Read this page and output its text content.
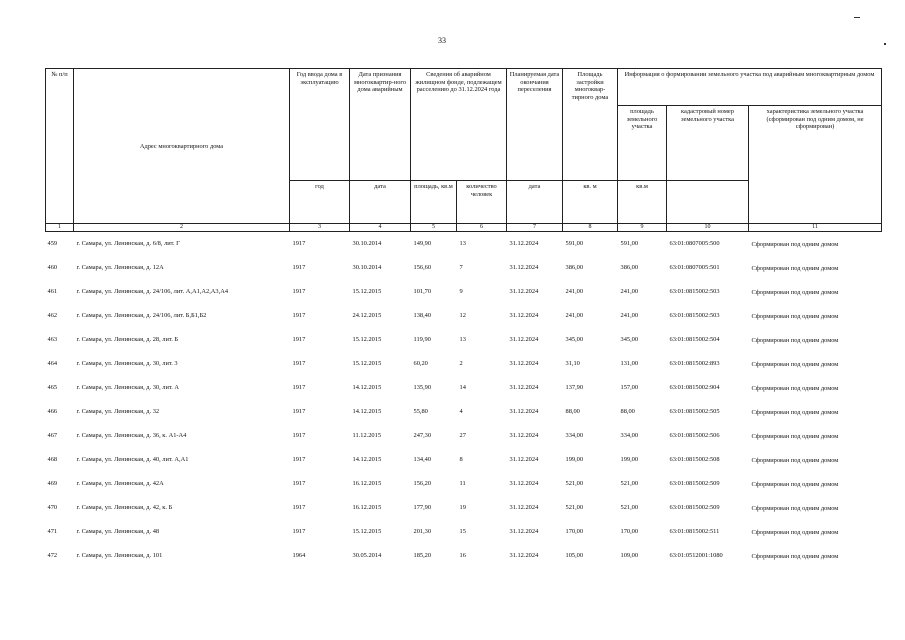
33
№ п/п	Адрес многоквартирного дома	Год ввода дома в эксплуатацию	Дата признания многоквартир-ного дома аварийным	Сведения об аварийном жилищном фонде, подлежащем расселению до 31.12.2024 года		Планируемая дата окончания переселения	Площадь застройки многоквар-тирного дома	Информация о формировании земельного участка под аварийным многоквартирным домом		
								площадь земельного участка	кадастровый номер земельного участка	характеристика земельного участка (сформирован под одним домом, не сформирован)
		год	дата	площадь, кв.м	количество человек	дата	кв. м	кв.м		
1	2	3	4	5	6	7	8	9	10	11
459	г. Самара, ул. Ленинская, д. 6/8, лит. Г	1917	30.10.2014	149,90	13	31.12.2024	591,00	591,00	63:01:0807005:500	Сформирован под одним домом
460	г. Самара, ул. Ленинская, д. 12А	1917	30.10.2014	156,60	7	31.12.2024	386,00	386,00	63:01:0807005:501	Сформирован под одним домом
461	г. Самара, ул. Ленинская, д. 24/106, лит. А,А1,А2,А3,А4	1917	15.12.2015	101,70	9	31.12.2024	241,00	241,00	63:01:0815002:503	Сформирован под одним домом
462	г. Самара, ул. Ленинская, д. 24/106, лит. Б,Б1,Б2	1917	24.12.2015	138,40	12	31.12.2024	241,00	241,00	63:01:0815002:503	Сформирован под одним домом
463	г. Самара, ул. Ленинская, д. 28, лит. Б	1917	15.12.2015	119,90	13	31.12.2024	345,00	345,00	63:01:0815002:504	Сформирован под одним домом
464	г. Самара, ул. Ленинская, д. 30, лит. 3	1917	15.12.2015	60,20	2	31.12.2024	31,10	131,00	63:01:0815002:893	Сформирован под одним домом
465	г. Самара, ул. Ленинская, д. 30, лит. А	1917	14.12.2015	135,90	14	31.12.2024	137,90	157,00	63:01:0815002:904	Сформирован под одним домом
466	г. Самара, ул. Ленинская, д. 32	1917	14.12.2015	55,80	4	31.12.2024	88,00	88,00	63:01:0815002:505	Сформирован под одним домом
467	г. Самара, ул. Ленинская, д. 36, к. А1-А4	1917	11.12.2015	247,30	27	31.12.2024	334,00	334,00	63:01:0815002:506	Сформирован под одним домом
468	г. Самара, ул. Ленинская, д. 40, лит. А,А1	1917	14.12.2015	134,40	8	31.12.2024	199,00	199,00	63:01:0815002:508	Сформирован под одним домом
469	г. Самара, ул. Ленинская, д. 42А	1917	16.12.2015	156,20	11	31.12.2024	521,00	521,00	63:01:0815002:509	Сформирован под одним домом
470	г. Самара, ул. Ленинская, д. 42, к. Б	1917	16.12.2015	177,90	19	31.12.2024	521,00	521,00	63:01:0815002:509	Сформирован под одним домом
471	г. Самара, ул. Ленинская, д. 48	1917	15.12.2015	201,30	15	31.12.2024	170,00	170,00	63:01:0815002:511	Сформирован под одним домом
472	г. Самара, ул. Ленинская, д. 101	1964	30.05.2014	185,20	16	31.12.2024	105,00	109,00	63:01:0512001:1080	Сформирован под одним домом
